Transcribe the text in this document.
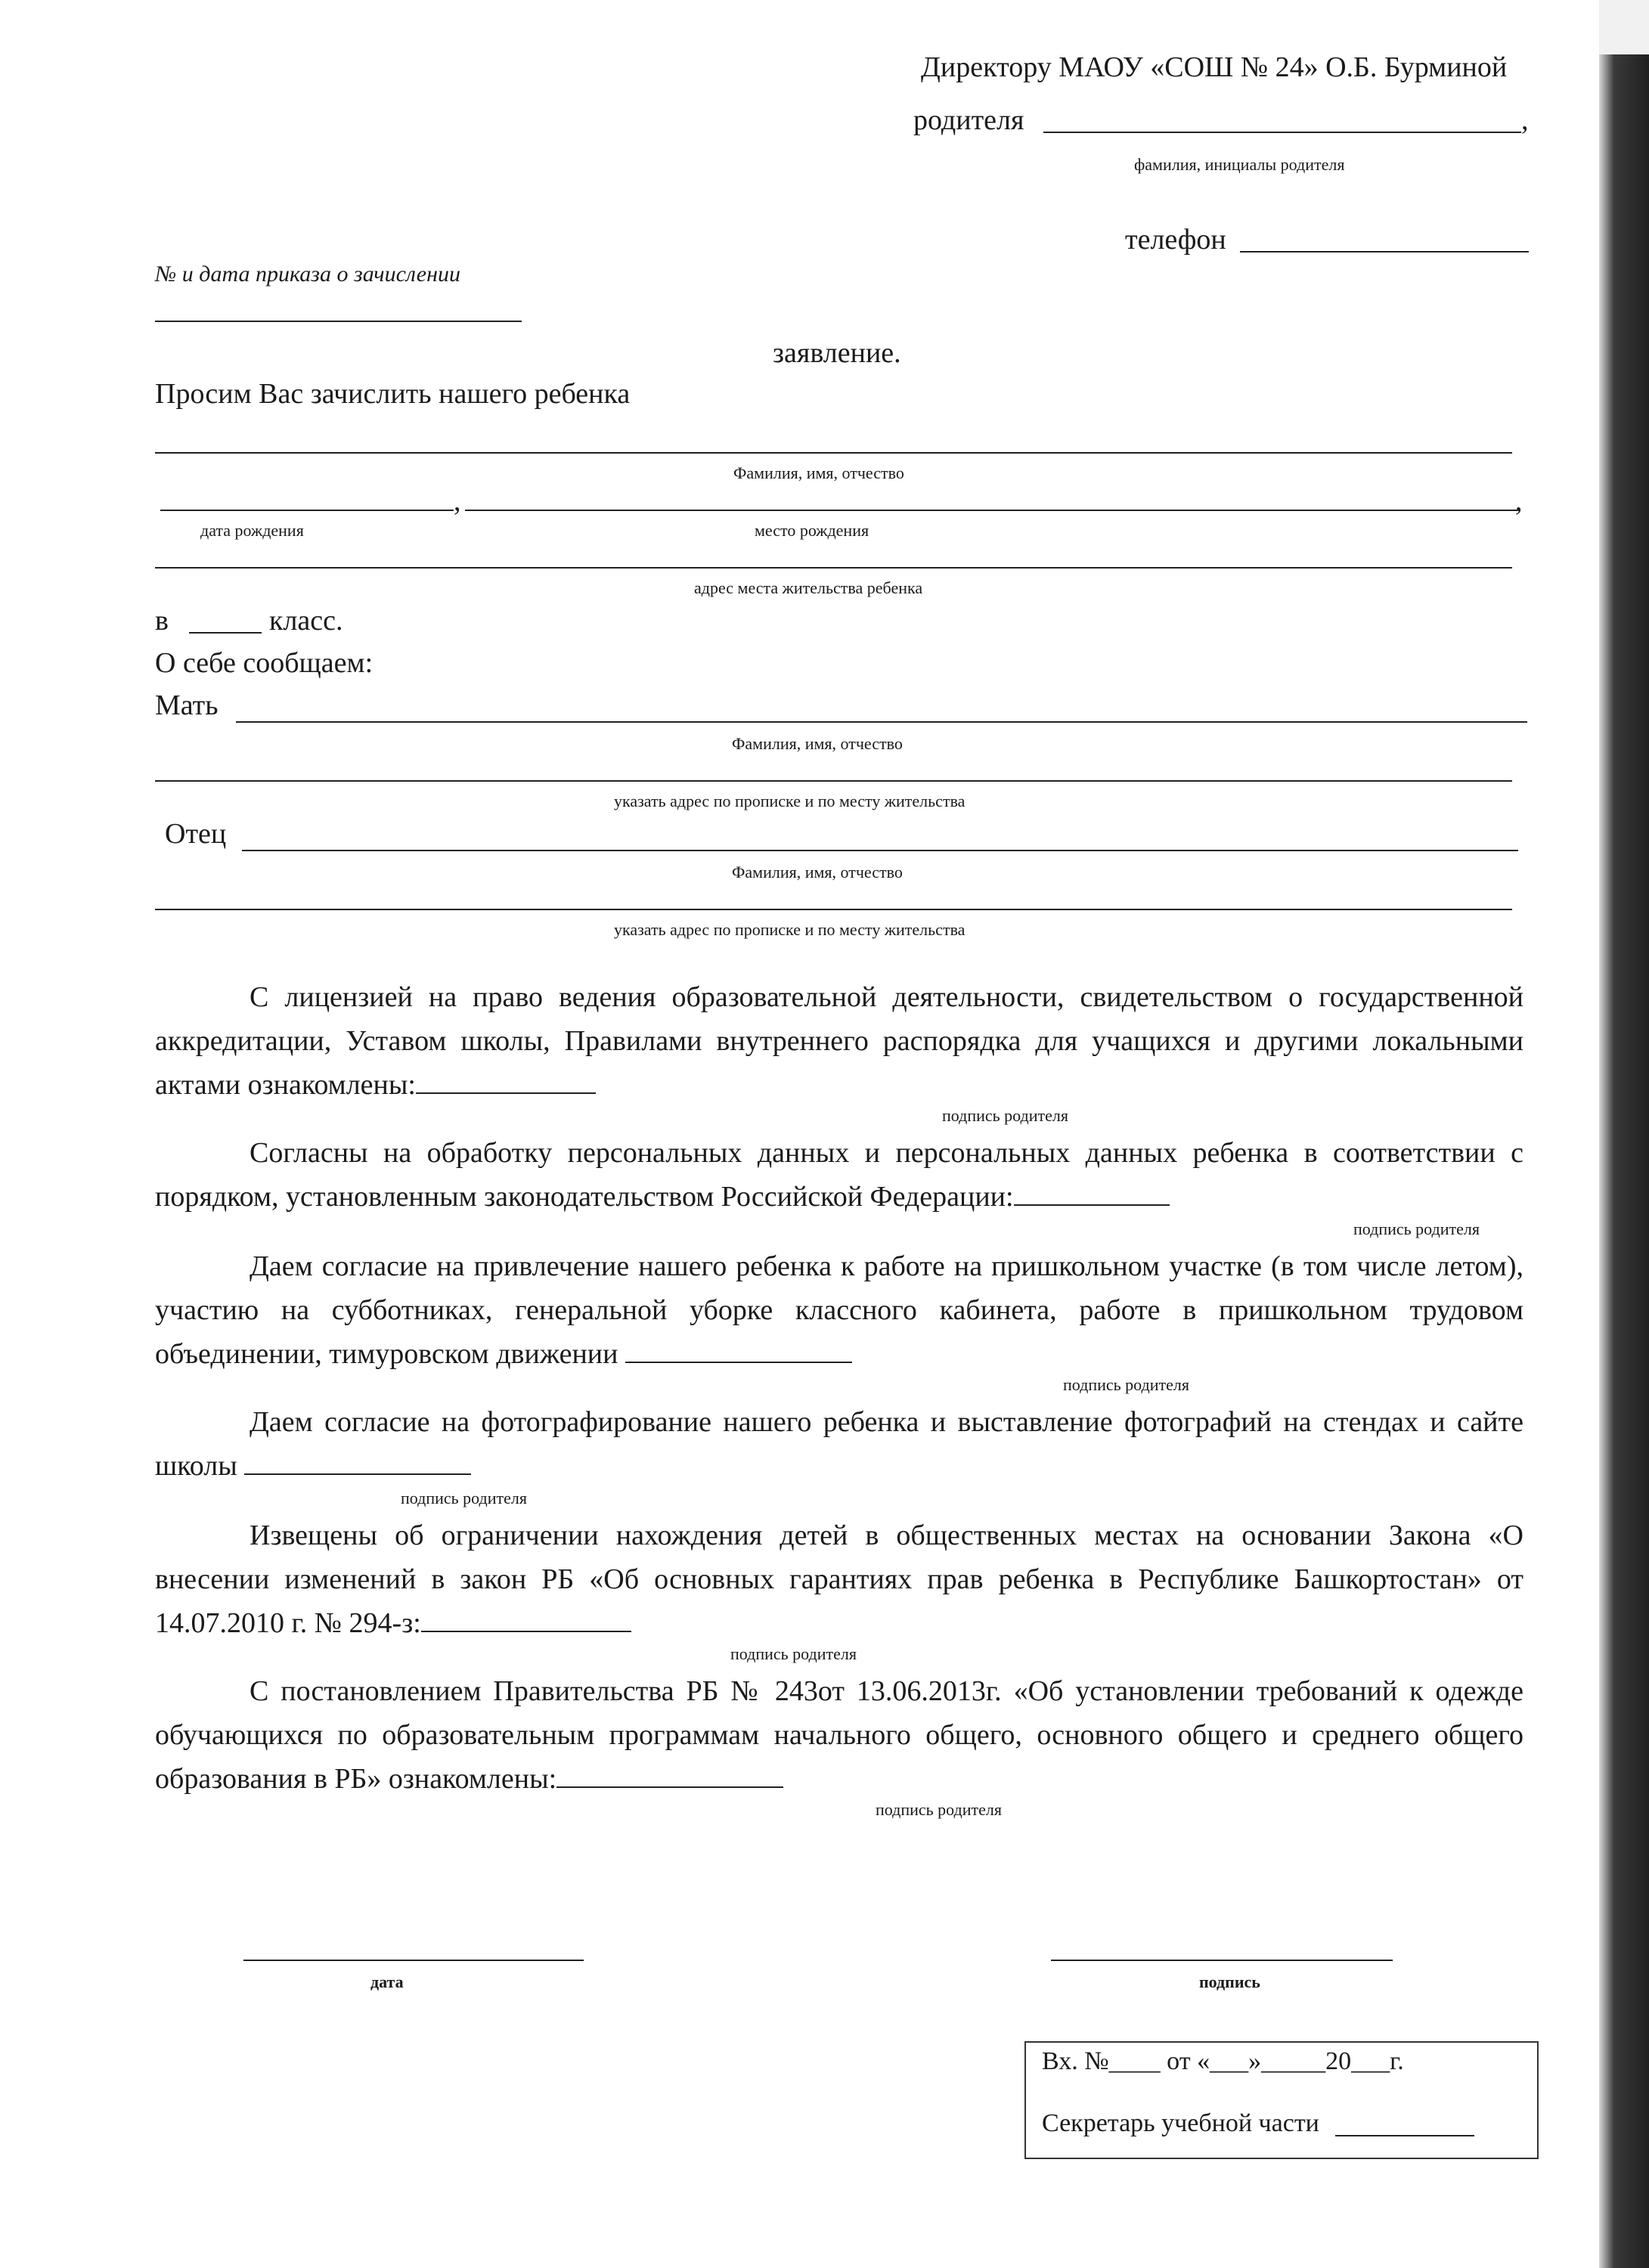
Директору МАОУ «СОШ № 24» О.Б. Бурминой
родителя	,
фамилия, инициалы родителя
телефон
№ и дата приказа о зачислении
заявление.
Просим Вас зачислить нашего ребенка
Фамилия, имя, отчество
,	,
дата рождения	место рождения
адрес места жительства ребенка
в	класс.
О себе сообщаем:
Мать
Фамилия, имя, отчество
указать адрес по прописке и по месту жительства
Отец
Фамилия, имя, отчество
указать адрес по прописке и по месту жительства
С лицензией на право ведения образовательной деятельности, свидетельством о государственной аккредитации, Уставом школы, Правилами внутреннего распорядка для учащихся и другими локальными актами ознакомлены:
подпись родителя
Согласны на обработку персональных данных и персональных данных ребенка в соответствии с порядком, установленным законодательством Российской Федерации:
подпись родителя
Даем согласие на привлечение нашего ребенка к работе на пришкольном участке (в том числе летом), участию на субботниках, генеральной уборке классного кабинета, работе в пришкольном трудовом объединении, тимуровском движении
подпись родителя
Даем согласие на фотографирование нашего ребенка и выставление фотографий на стендах и сайте школы
подпись родителя
Извещены об ограничении нахождения детей в общественных местах на основании Закона «О внесении изменений в закон РБ «Об основных гарантиях прав ребенка в Республике Башкортостан» от 14.07.2010 г. № 294-з:
подпись родителя
С постановлением Правительства РБ № 243от 13.06.2013г. «Об установлении требований к одежде обучающихся по образовательным программам начального общего, основного общего и среднего общего образования в РБ» ознакомлены:
подпись родителя
дата	подпись
Вх. №____ от «___»_____20___г.
Секретарь учебной части
